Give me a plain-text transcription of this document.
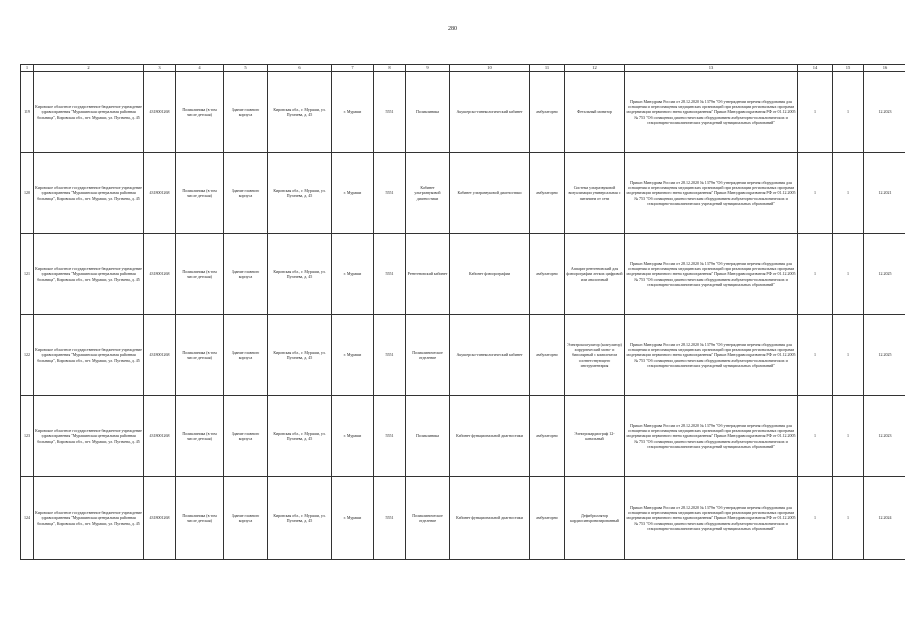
280
1	2	3	4	5	6	7	8	9	10	11	12	13	14	15	16
119	Кировское областное государственное бюджетное учреждение здравоохранения "Мурашинская центральная районная больница", Кировская обл., пгт. Мураши, ул. Пугачева, д. 45	4318001268	Поликлиника (в том числе детская)	Здание главного корпуса	Кировская обл., г. Мураши, ул. Пугачева, д. 45	г. Мураши	5551	Поликлиника	Акушерско-гинекологический кабинет	амбулаторно	Фетальный монитор	Приказ Минздрава России от 28.12.2020 № 1379н "Об утверждении перечня оборудования для оснащения и переоснащения медицинских организаций при реализации региональных программ модернизации первичного звена здравоохранения" Приказ Минздравсоцразвития РФ от 01.12.2005 № 753 "Об оснащении диагностическим оборудованием амбулаторно-поликлинических и стационарно-поликлинических учреждений муниципальных образований"	1	1	12.2023
120	Кировское областное государственное бюджетное учреждение здравоохранения "Мурашинская центральная районная больница", Кировская обл., пгт. Мураши, ул. Пугачева, д. 45	4318001268	Поликлиника (в том числе детская)	Здание главного корпуса	Кировская обл., г. Мураши, ул. Пугачева, д. 45	г. Мураши	5551	Кабинет ультразвуковой диагностики	Кабинет ультразвуковой диагностики	амбулаторно	Система ультразвуковой визуализации универсальная с питанием от сети	Приказ Минздрава России от 28.12.2020 № 1379н "Об утверждении перечня оборудования для оснащения и переоснащения медицинских организаций при реализации региональных программ модернизации первичного звена здравоохранения" Приказ Минздравсоцразвития РФ от 01.12.2005 № 753 "Об оснащении диагностическим оборудованием амбулаторно-поликлинических и стационарно-поликлинических учреждений муниципальных образований"	1	1	12.2021
121	Кировское областное государственное бюджетное учреждение здравоохранения "Мурашинская центральная районная больница", Кировская обл., пгт. Мураши, ул. Пугачева, д. 45	4318001268	Поликлиника (в том числе детская)	Здание главного корпуса	Кировская обл., г. Мураши, ул. Пугачева, д. 45	г. Мураши	5551	Рентгеновский кабинет	Кабинет флюорографии	амбулаторно	Аппарат рентгеновский для флюорографии легких цифровой или аналоговый	Приказ Минздрава России от 28.12.2020 № 1379н "Об утверждении перечня оборудования для оснащения и переоснащения медицинских организаций при реализации региональных программ модернизации первичного звена здравоохранения" Приказ Минздравсоцразвития РФ от 01.12.2005 № 753 "Об оснащении диагностическим оборудованием амбулаторно-поликлинических и стационарно-поликлинических учреждений муниципальных образований"	1	1	12.2025
122	Кировское областное государственное бюджетное учреждение здравоохранения "Мурашинская центральная районная больница", Кировская обл., пгт. Мураши, ул. Пугачева, д. 45	4318001268	Поликлиника (в том числе детская)	Здание главного корпуса	Кировская обл., г. Мураши, ул. Пугачева, д. 45	г. Мураши	5551	Поликлиническое отделение	Акушерско-гинекологический кабинет	амбулаторно	Электрокоагулятор (коагулятор) хирургический моно- и биполярный с комплектом соответствующего инструментария	Приказ Минздрава России от 28.12.2020 № 1379н "Об утверждении перечня оборудования для оснащения и переоснащения медицинских организаций при реализации региональных программ модернизации первичного звена здравоохранения" Приказ Минздравсоцразвития РФ от 01.12.2005 № 753 "Об оснащении диагностическим оборудованием амбулаторно-поликлинических и стационарно-поликлинических учреждений муниципальных образований"	1	1	12.2025
123	Кировское областное государственное бюджетное учреждение здравоохранения "Мурашинская центральная районная больница", Кировская обл., пгт. Мураши, ул. Пугачева, д. 45	4318001268	Поликлиника (в том числе детская)	Здание главного корпуса	Кировская обл., г. Мураши, ул. Пугачева, д. 45	г. Мураши	5551	Поликлиника	Кабинет функциональной диагностики	амбулаторно	Электрокардиограф 12-канальный	Приказ Минздрава России от 28.12.2020 № 1379н "Об утверждении перечня оборудования для оснащения и переоснащения медицинских организаций при реализации региональных программ модернизации первичного звена здравоохранения" Приказ Минздравсоцразвития РФ от 01.12.2005 № 753 "Об оснащении диагностическим оборудованием амбулаторно-поликлинических и стационарно-поликлинических учреждений муниципальных образований"	1	1	12.2023
124	Кировское областное государственное бюджетное учреждение здравоохранения "Мурашинская центральная районная больница", Кировская обл., пгт. Мураши, ул. Пугачева, д. 45	4318001268	Поликлиника (в том числе детская)	Здание главного корпуса	Кировская обл., г. Мураши, ул. Пугачева, д. 45	г. Мураши	5551	Поликлиническое отделение	Кабинет функциональной диагностики	амбулаторно	Дефибриллятор кардиосинхронизированный	Приказ Минздрава России от 28.12.2020 № 1379н "Об утверждении перечня оборудования для оснащения и переоснащения медицинских организаций при реализации региональных программ модернизации первичного звена здравоохранения" Приказ Минздравсоцразвития РФ от 01.12.2005 № 753 "Об оснащении диагностическим оборудованием амбулаторно-поликлинических и стационарно-поликлинических учреждений муниципальных образований"	1	1	12.2024
